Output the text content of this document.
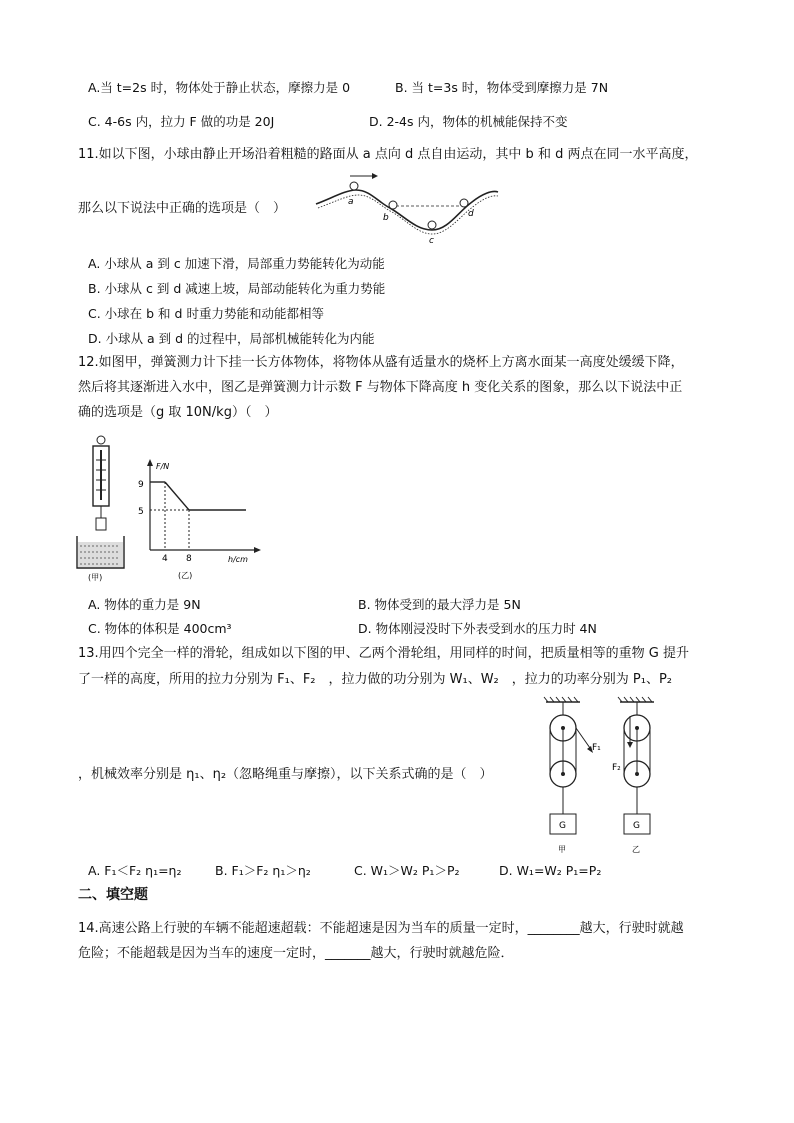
A.当 t=2s 时，物体处于静止状态，摩擦力是 0	B. 当 t=3s 时，物体受到摩擦力是 7N
C. 4-6s 内，拉力 F 做的功是 20J	D. 2-4s 内，物体的机械能保持不变
11.如以下图，小球由静止开场沿着粗糙的路面从 a 点向 d 点自由运动，其中 b 和 d 两点在同一水平高度，
那么以下说法中正确的选项是（　）	a
b
c
d
A. 小球从 a 到 c 加速下滑，局部重力势能转化为动能
B. 小球从 c 到 d 减速上坡，局部动能转化为重力势能
C. 小球在 b 和 d 时重力势能和动能都相等
D. 小球从 a 到 d 的过程中，局部机械能转化为内能
12.如图甲，弹簧测力计下挂一长方体物体，将物体从盛有适量水的烧杯上方离水面某一高度处缓缓下降，
然后将其逐渐进入水中，图乙是弹簧测力计示数 F 与物体下降高度 h 变化关系的图象，那么以下说法中正
确的选项是（g 取 10N/kg）（　）
(甲)
F/N
h/cm
9
5
4 8
(乙)
A. 物体的重力是 9N	B. 物体受到的最大浮力是 5N
C. 物体的体积是 400cm³	D. 物体刚浸没时下外表受到水的压力时 4N
13.用四个完全一样的滑轮，组成如以下图的甲、乙两个滑轮组，用同样的时间，把质量相等的重物 G 提升
了一样的高度，所用的拉力分别为 F₁、F₂　，拉力做的功分别为 W₁、W₂　，拉力的功率分别为 P₁、P₂
，机械效率分别是 η₁、η₂（忽略绳重与摩擦），以下关系式确的是（　）
F₁
G
甲
F₂
G
乙
A. F₁＜F₂ η₁=η₂	B. F₁＞F₂ η₁＞η₂	C. W₁＞W₂ P₁＞P₂	D. W₁=W₂ P₁=P₂
二、填空题
14.高速公路上行驶的车辆不能超速超载：不能超速是因为当车的质量一定时，________越大，行驶时就越
危险；不能超载是因为当车的速度一定时，_______越大，行驶时就越危险．
